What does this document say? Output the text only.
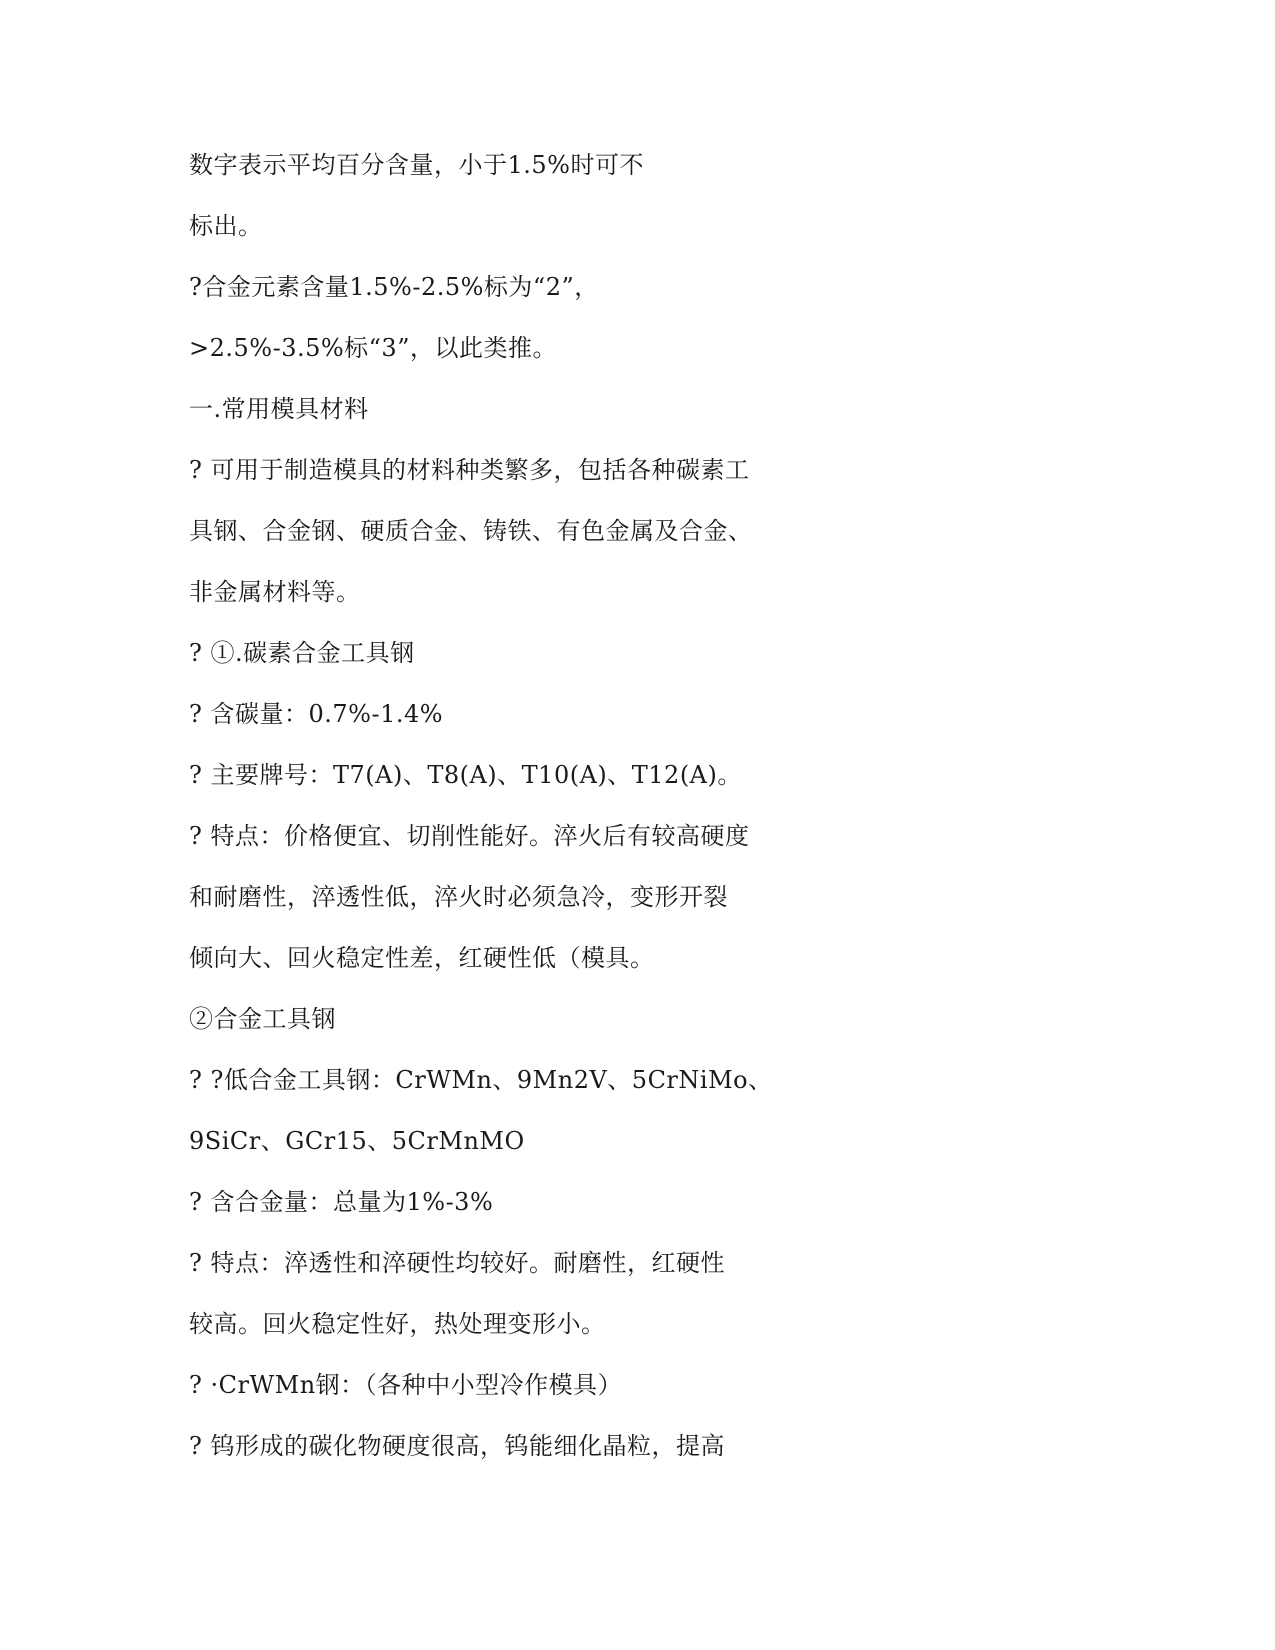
数字表示平均百分含量，小于1.5%时可不
标出。
?合金元素含量1.5%-2.5%标为“2”，
>2.5%-3.5%标“3”，以此类推。
一.常用模具材料
? 可用于制造模具的材料种类繁多，包括各种碳素工
具钢、合金钢、硬质合金、铸铁、有色金属及合金、
非金属材料等。
? ①.碳素合金工具钢
? 含碳量：0.7%-1.4%
? 主要牌号：T7(A)、T8(A)、T10(A)、T12(A)。
? 特点：价格便宜、切削性能好。淬火后有较高硬度
和耐磨性，淬透性低，淬火时必须急冷，变形开裂
倾向大、回火稳定性差，红硬性低（模具。
②合金工具钢
? ?低合金工具钢：CrWMn、9Mn2V、5CrNiMo、
9SiCr、GCr15、5CrMnMO
? 含合金量：总量为1%-3%
? 特点：淬透性和淬硬性均较好。耐磨性，红硬性
较高。回火稳定性好，热处理变形小。
? ·CrWMn钢：（各种中小型冷作模具）
? 钨形成的碳化物硬度很高，钨能细化晶粒，提高
